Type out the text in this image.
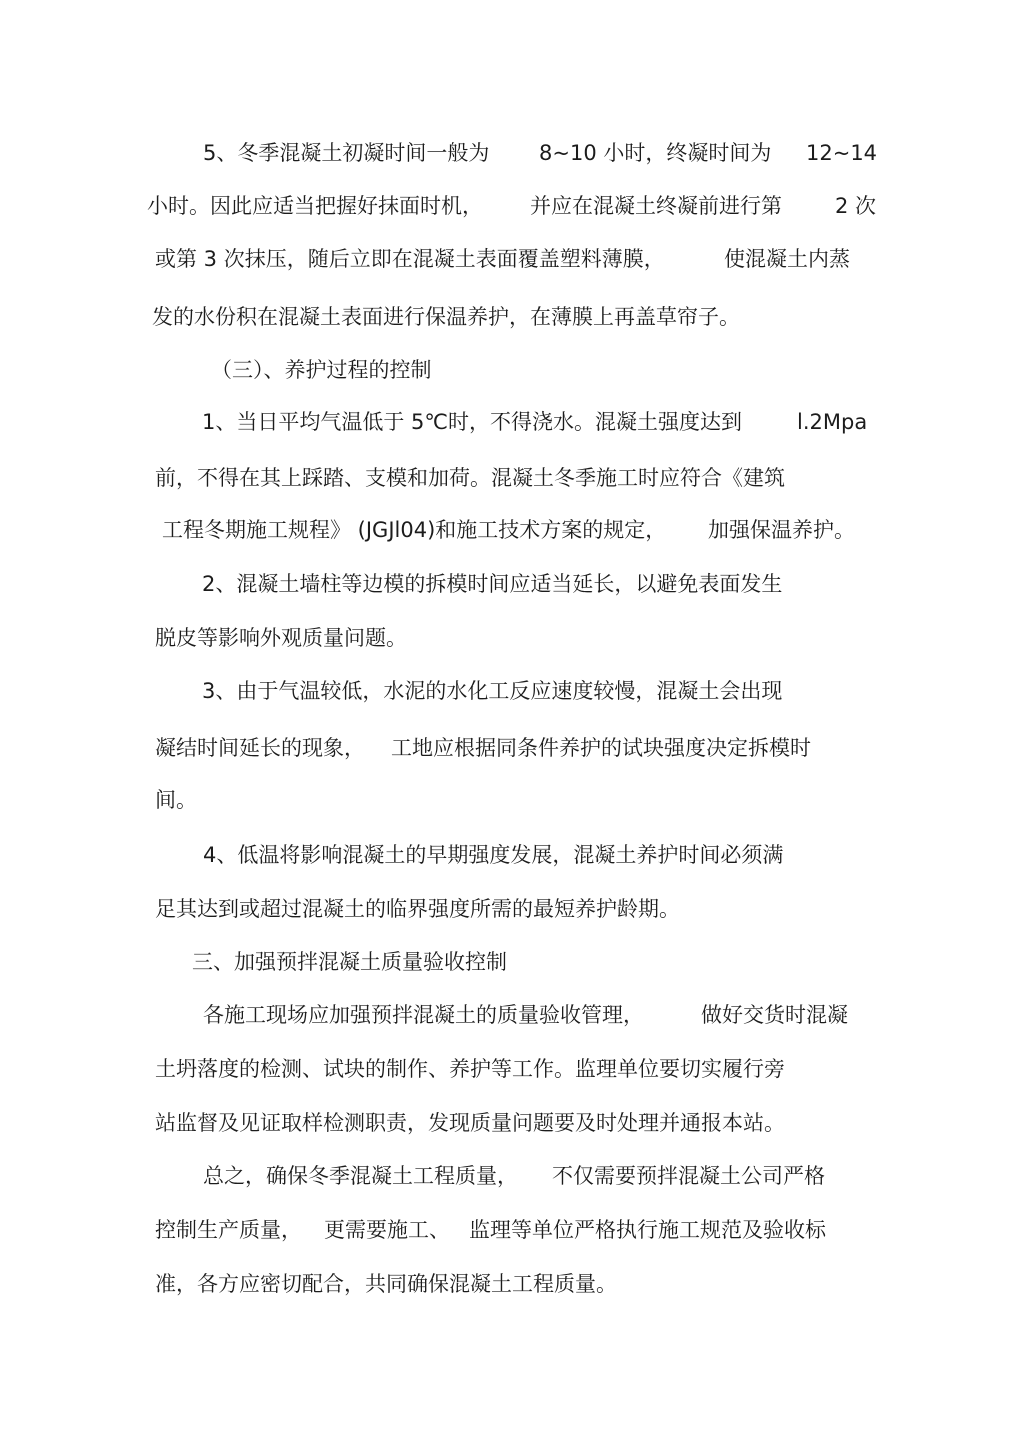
5、冬季混凝土初凝时间一般为 8~10 小时，终凝时间为 12~14
小时。因此应适当把握好抹面时机， 并应在混凝土终凝前进行第	2 次
或第 3 次抹压，随后立即在混凝土表面覆盖塑料薄膜，	使混凝土内蒸
发的水份积在混凝土表面进行保温养护，在薄膜上再盖草帘子。
（三）、养护过程的控制
1、当日平均气温低于 5℃时，不得浇水。混凝土强度达到	l.2Mpa
前，不得在其上踩踏、支模和加荷。混凝土冬季施工时应符合《建筑
工程冬期施工规程》 (JGJl04)和施工技术方案的规定， 加强保温养护。
2、混凝土墙柱等边模的拆模时间应适当延长，以避免表面发生
脱皮等影响外观质量问题。
3、由于气温较低，水泥的水化工反应速度较慢，混凝土会出现
凝结时间延长的现象， 工地应根据同条件养护的试块强度决定拆模时
间。
4、低温将影响混凝土的早期强度发展，混凝土养护时间必须满
足其达到或超过混凝土的临界强度所需的最短养护龄期。
三、加强预拌混凝土质量验收控制
各施工现场应加强预拌混凝土的质量验收管理，	做好交货时混凝
土坍落度的检测、试块的制作、养护等工作。监理单位要切实履行旁
站监督及见证取样检测职责，发现质量问题要及时处理并通报本站。
总之，确保冬季混凝土工程质量， 不仅需要预拌混凝土公司严格
控制生产质量， 更需要施工、 监理等单位严格执行施工规范及验收标
准，各方应密切配合，共同确保混凝土工程质量。
